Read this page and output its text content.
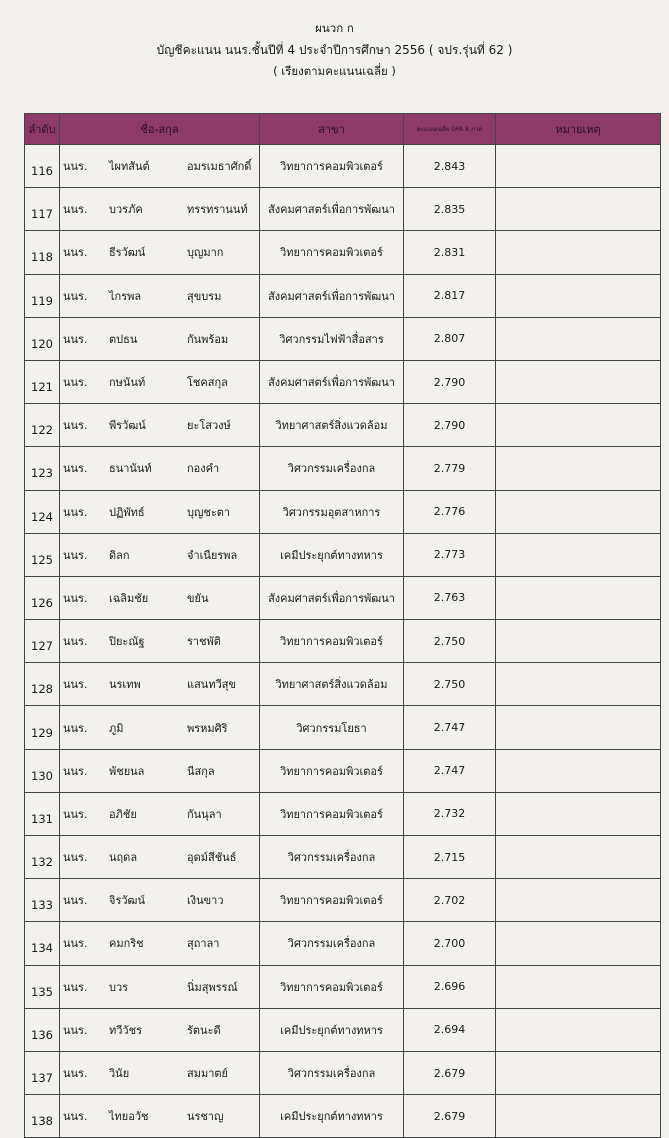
ผนวก ก
บัญชีคะแนน นนร.ชั้นปีที่ 4 ประจำปีการศึกษา 2556 ( จปร.รุ่นที่ 62 )
( เรียงตามคะแนนเฉลี่ย )
ลำดับ	ชื่อ-สกุล	สาขา	คะแนนเฉลี่ย GPA 8 ภาค	หมายเหตุ
116	นนร. ไผทสันต์ อมรเมธาศักดิ์	วิทยาการคอมพิวเตอร์	2.843	
117	นนร. บวรภัค ทรรทรานนท์	สังคมศาสตร์เพื่อการพัฒนา	2.835	
118	นนร. ธีรวัฒน์ บุญมาก	วิทยาการคอมพิวเตอร์	2.831	
119	นนร. ไกรพล สุขบรม	สังคมศาสตร์เพื่อการพัฒนา	2.817	
120	นนร. ตปธน กันพร้อม	วิศวกรรมไฟฟ้าสื่อสาร	2.807	
121	นนร. กษนันท์ โชคสกุล	สังคมศาสตร์เพื่อการพัฒนา	2.790	
122	นนร. พีรวัฒน์ ยะโสวงษ์	วิทยาศาสตร์สิ่งแวดล้อม	2.790	
123	นนร. ธนานันท์ กองคำ	วิศวกรรมเครื่องกล	2.779	
124	นนร. ปฏิพัทธ์ บุญชะตา	วิศวกรรมอุตสาหการ	2.776	
125	นนร. ดิลก จำเนียรพล	เคมีประยุกต์ทางทหาร	2.773	
126	นนร. เฉลิมชัย ขยัน	สังคมศาสตร์เพื่อการพัฒนา	2.763	
127	นนร. ปิยะณัฐ ราชพัติ	วิทยาการคอมพิวเตอร์	2.750	
128	นนร. นรเทพ แสนทวีสุข	วิทยาศาสตร์สิ่งแวดล้อม	2.750	
129	นนร. ภูมิ พรหมศิริ	วิศวกรรมโยธา	2.747	
130	นนร. พัชยนล นีสกุล	วิทยาการคอมพิวเตอร์	2.747	
131	นนร. อภิชัย กันนุลา	วิทยาการคอมพิวเตอร์	2.732	
132	นนร. นฤดล อุดม์สีชันธ์	วิศวกรรมเครื่องกล	2.715	
133	นนร. จิรวัฒน์ เงินขาว	วิทยาการคอมพิวเตอร์	2.702	
134	นนร. คมกริช สุถาลา	วิศวกรรมเครื่องกล	2.700	
135	นนร. บวร นิ่มสุพรรณ์	วิทยาการคอมพิวเตอร์	2.696	
136	นนร. ทวีวัชร รัตนะดี	เคมีประยุกต์ทางทหาร	2.694	
137	นนร. วินัย สมมาตย์	วิศวกรรมเครื่องกล	2.679	
138	นนร. ไทยอวัช นรชาญ	เคมีประยุกต์ทางทหาร	2.679	
